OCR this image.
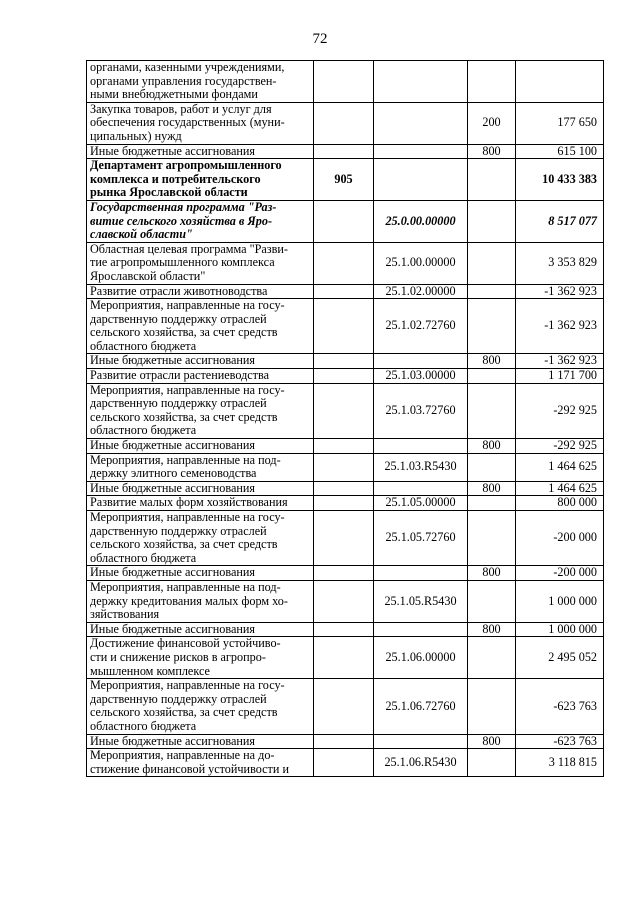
72
органами, казенными учреждениями,
органами управления государствен-
ными внебюджетными фондами				
Закупка товаров, работ и услуг для
обеспечения государственных (муни-
ципальных) нужд			200	177 650
Иные бюджетные ассигнования			800	615 100
Департамент агропромышленного
комплекса и потребительского
рынка Ярославской области	905			10 433 383
Государственная программа "Раз-
витие сельского хозяйства в Яро-
славской области"		25.0.00.00000		8 517 077
Областная целевая программа "Разви-
тие агропромышленного комплекса
Ярославской области"		25.1.00.00000		3 353 829
Развитие отрасли животноводства		25.1.02.00000		-1 362 923
Мероприятия, направленные на госу-
дарственную поддержку отраслей
сельского хозяйства, за счет средств
областного бюджета		25.1.02.72760		-1 362 923
Иные бюджетные ассигнования			800	-1 362 923
Развитие отрасли растениеводства		25.1.03.00000		1 171 700
Мероприятия, направленные на госу-
дарственную поддержку отраслей
сельского хозяйства, за счет средств
областного бюджета		25.1.03.72760		-292 925
Иные бюджетные ассигнования			800	-292 925
Мероприятия, направленные на под-
держку элитного семеноводства		25.1.03.R5430		1 464 625
Иные бюджетные ассигнования			800	1 464 625
Развитие малых форм хозяйствования		25.1.05.00000		800 000
Мероприятия, направленные на госу-
дарственную поддержку отраслей
сельского хозяйства, за счет средств
областного бюджета		25.1.05.72760		-200 000
Иные бюджетные ассигнования			800	-200 000
Мероприятия, направленные на под-
держку кредитования малых форм хо-
зяйствования		25.1.05.R5430		1 000 000
Иные бюджетные ассигнования			800	1 000 000
Достижение финансовой устойчиво-
сти и снижение рисков в агропро-
мышленном комплексе		25.1.06.00000		2 495 052
Мероприятия, направленные на госу-
дарственную поддержку отраслей
сельского хозяйства, за счет средств
областного бюджета		25.1.06.72760		-623 763
Иные бюджетные ассигнования			800	-623 763
Мероприятия, направленные на до-
стижение финансовой устойчивости и		25.1.06.R5430		3 118 815
